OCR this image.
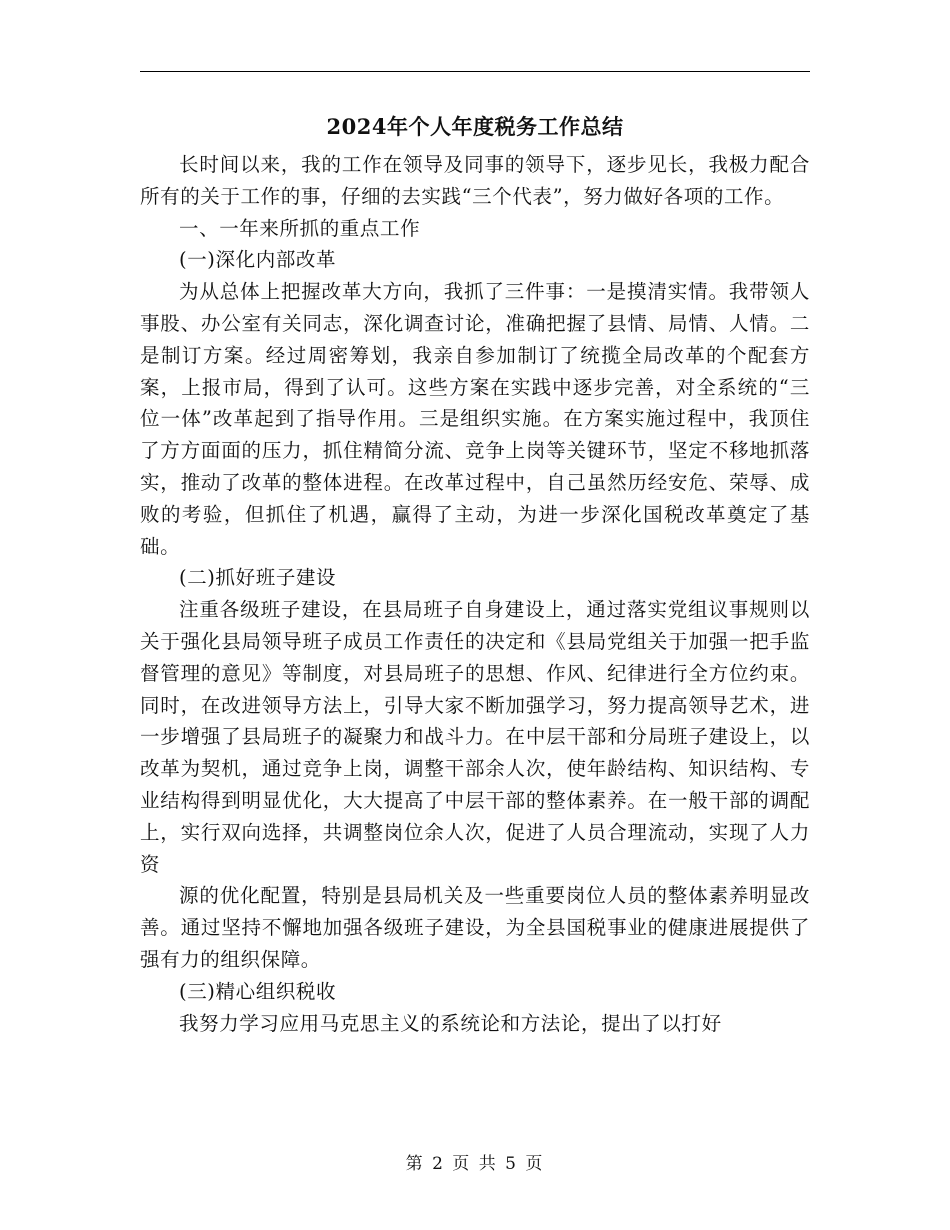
2024年个人年度税务工作总结

长时间以来，我的工作在领导及同事的领导下，逐步见长，我极力配合所有的关于工作的事，仔细的去实践“三个代表”，努力做好各项的工作。

一、一年来所抓的重点工作

(一)深化内部改革

为从总体上把握改革大方向，我抓了三件事：一是摸清实情。我带领人事股、办公室有关同志，深化调查讨论，准确把握了县情、局情、人情。二是制订方案。经过周密筹划，我亲自参加制订了统揽全局改革的个配套方案，上报市局，得到了认可。这些方案在实践中逐步完善，对全系统的“三位一体”改革起到了指导作用。三是组织实施。在方案实施过程中，我顶住了方方面面的压力，抓住精简分流、竞争上岗等关键环节，坚定不移地抓落实，推动了改革的整体进程。在改革过程中，自己虽然历经安危、荣辱、成败的考验，但抓住了机遇，赢得了主动，为进一步深化国税改革奠定了基础。

(二)抓好班子建设

注重各级班子建设，在县局班子自身建设上，通过落实党组议事规则以关于强化县局领导班子成员工作责任的决定和《县局党组关于加强一把手监督管理的意见》等制度，对县局班子的思想、作风、纪律进行全方位约束。同时，在改进领导方法上，引导大家不断加强学习，努力提高领导艺术，进一步增强了县局班子的凝聚力和战斗力。在中层干部和分局班子建设上，以改革为契机，通过竞争上岗，调整干部余人次，使年龄结构、知识结构、专业结构得到明显优化，大大提高了中层干部的整体素养。在一般干部的调配上，实行双向选择，共调整岗位余人次，促进了人员合理流动，实现了人力资

源的优化配置，特别是县局机关及一些重要岗位人员的整体素养明显改善。通过坚持不懈地加强各级班子建设，为全县国税事业的健康进展提供了强有力的组织保障。

(三)精心组织税收

我努力学习应用马克思主义的系统论和方法论，提出了以打好

第 2 页 共 5 页
